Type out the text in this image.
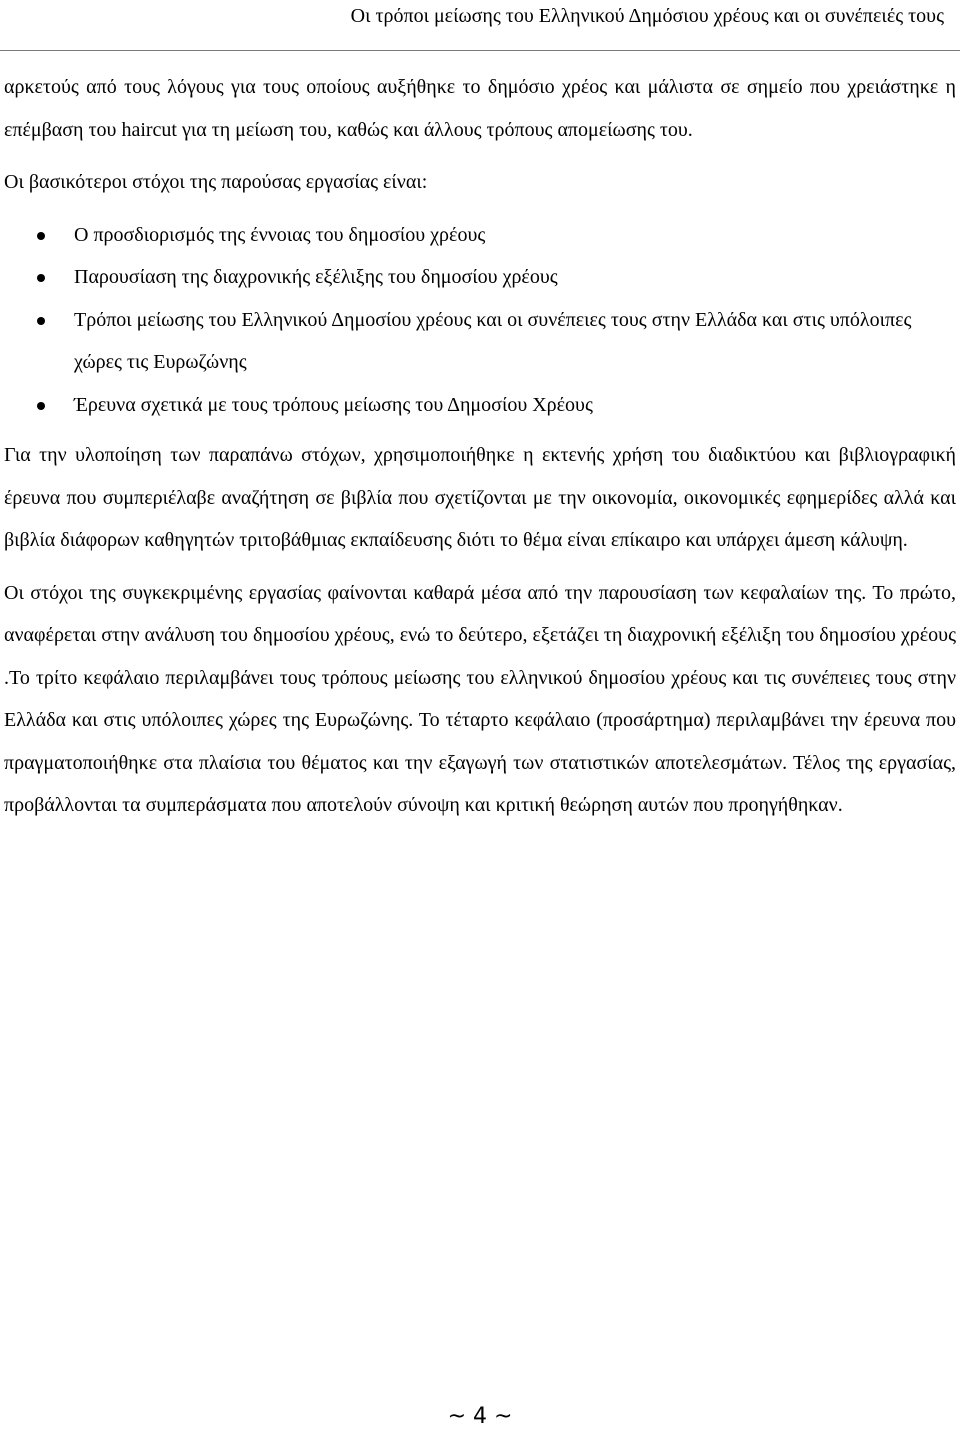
Οι τρόποι μείωσης του Ελληνικού Δημόσιου χρέους και οι συνέπειές τους

αρκετούς από τους λόγους για τους οποίους αυξήθηκε το δημόσιο χρέος και μάλιστα σε σημείο που χρειάστηκε η επέμβαση του haircut για τη μείωση του, καθώς και άλλους τρόπους απομείωσης του.

Οι βασικότεροι στόχοι της παρούσας εργασίας είναι:

Ο προσδιορισμός της έννοιας του δημοσίου χρέους
Παρουσίαση της διαχρονικής εξέλιξης του δημοσίου χρέους
Τρόποι μείωσης του Ελληνικού Δημοσίου χρέους και οι συνέπειες τους στην Ελλάδα και στις υπόλοιπες χώρες τις Ευρωζώνης
Έρευνα σχετικά με τους τρόπους μείωσης του Δημοσίου Χρέους

Για την υλοποίηση των παραπάνω στόχων, χρησιμοποιήθηκε η εκτενής χρήση του διαδικτύου και βιβλιογραφική έρευνα που συμπεριέλαβε αναζήτηση σε βιβλία που σχετίζονται με την οικονομία, οικονομικές εφημερίδες αλλά και βιβλία διάφορων καθηγητών τριτοβάθμιας εκπαίδευσης διότι το θέμα είναι επίκαιρο και υπάρχει άμεση κάλυψη.

Οι στόχοι της συγκεκριμένης εργασίας φαίνονται καθαρά μέσα από την παρουσίαση των κεφαλαίων της. Το πρώτο, αναφέρεται στην ανάλυση του δημοσίου χρέους, ενώ το δεύτερο, εξετάζει τη διαχρονική εξέλιξη του δημοσίου χρέους .Το τρίτο κεφάλαιο περιλαμβάνει τους τρόπους μείωσης του ελληνικού δημοσίου χρέους και τις συνέπειες τους στην Ελλάδα και στις υπόλοιπες χώρες της Ευρωζώνης. Το τέταρτο κεφάλαιο (προσάρτημα) περιλαμβάνει την έρευνα που πραγματοποιήθηκε στα πλαίσια του θέματος και την εξαγωγή των στατιστικών αποτελεσμάτων. Τέλος της εργασίας, προβάλλονται τα συμπεράσματα που αποτελούν σύνοψη και κριτική θεώρηση αυτών που προηγήθηκαν.

~ 4 ~
